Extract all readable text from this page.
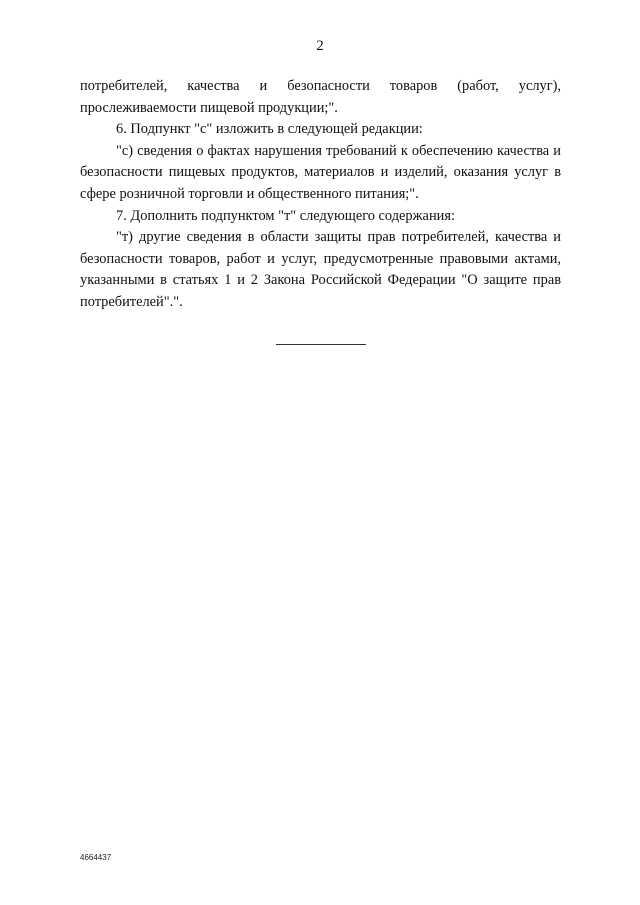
2

потребителей, качества и безопасности товаров (работ, услуг),

прослеживаемости пищевой продукции;".

6. Подпункт "с" изложить в следующей редакции:

"с) сведения о фактах нарушения требований к обеспечению качества и безопасности пищевых продуктов, материалов и изделий, оказания услуг в сфере розничной торговли и общественного питания;".

7. Дополнить подпунктом "т" следующего содержания:

"т) другие сведения в области защиты прав потребителей, качества и безопасности товаров, работ и услуг, предусмотренные правовыми актами, указанными в статьях 1 и 2 Закона Российской Федерации "О защите прав потребителей".".

4664437
